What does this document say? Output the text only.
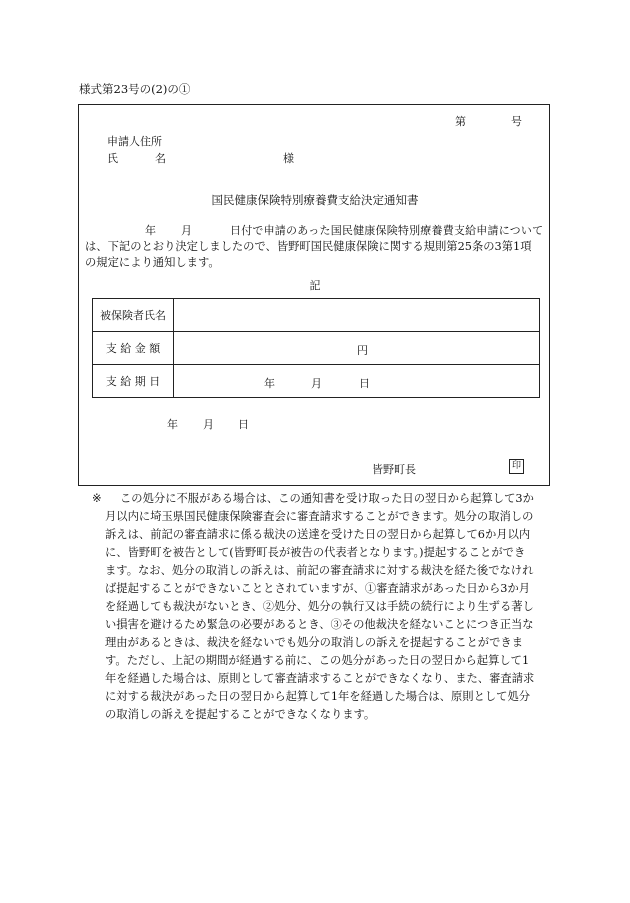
様式第23号の(2)の①
第	号
申請人住所
氏	名	様
国民健康保険特別療養費支給決定通知書
年 月	日付で申請のあった国民健康保険特別療養費支給申請について
は、下記のとおり決定しましたので、皆野町国民健康保険に関する規則第25条の3第1項
の規定により通知します。
記
被保険者氏名	
支 給 金 額	円

支 給 期 日	年 月 日
年 月 日
皆野町長	印
※ この処分に不服がある場合は、この通知書を受け取った日の翌日から起算して3か
月以内に埼玉県国民健康保険審査会に審査請求することができます。処分の取消しの
訴えは、前記の審査請求に係る裁決の送達を受けた日の翌日から起算して6か月以内
に、皆野町を被告として(皆野町長が被告の代表者となります。)提起することができ
ます。なお、処分の取消しの訴えは、前記の審査請求に対する裁決を経た後でなけれ
ば提起することができないこととされていますが、①審査請求があった日から3か月
を経過しても裁決がないとき、②処分、処分の執行又は手続の続行により生ずる著し
い損害を避けるため緊急の必要があるとき、③その他裁決を経ないことにつき正当な
理由があるときは、裁決を経ないでも処分の取消しの訴えを提起することができま
す。ただし、上記の期間が経過する前に、この処分があった日の翌日から起算して1
年を経過した場合は、原則として審査請求することができなくなり、また、審査請求
に対する裁決があった日の翌日から起算して1年を経過した場合は、原則として処分
の取消しの訴えを提起することができなくなります。
